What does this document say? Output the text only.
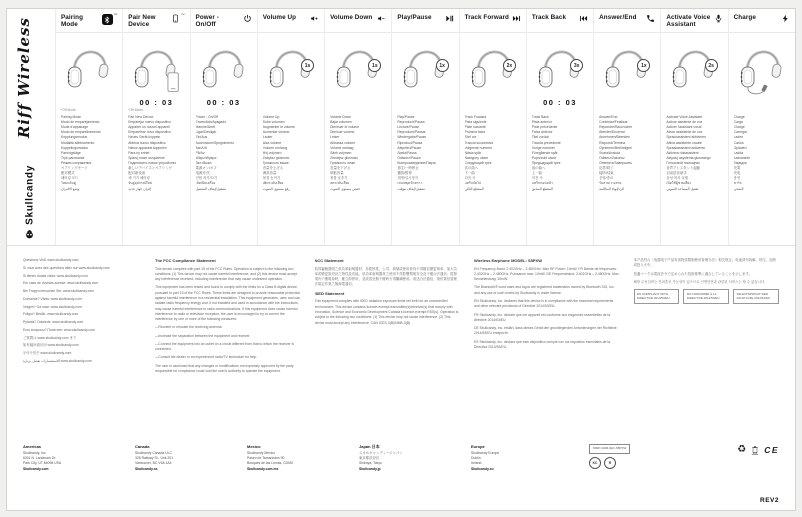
Riff Wireless
Skullcandy
Pairing Mode
™
*Off Mode
Pairing Mode
Modo de emparejamiento
Mode d'appairage
Modo de emparelhamento
Kopplungsmodus
Modalità abbinamento
Koppelingsmodus
Parningsläge
Tryb parowania
Режим сопряжения
ペアリングモード
配对模式
페어링 모드
โหมดจับคู่
وضع الاقتران
Pair New Device
™
00 : 03
*Off Mode
Pair New Device
Emparejar nuevo dispositivo
Appairer un nouvel appareil
Emparelhar novo dispositivo
Neues Gerät koppeln
Abbina nuovo dispositivo
Nieuw apparaat koppelen
Para ny enhet
Sparuj nowe urządzenie
Подключить новое устройство
新しいデバイスとペアリング
配对新设备
새 기기 페어링
จับคู่อุปกรณ์ใหม่
إقران جهاز جديد
Power - On/Off
00 : 03
Power - On/Off
Encendido/Apagado
Marche/Arrêt
Ligar/Desligar
Ein/Aus
Accensione/Spegnimento
Aan/Uit
På/Av
Włącz/Wyłącz
Вкл./Выкл.
電源オン/オフ
电源开/关
전원 켜기/끄기
เปิด/ปิดเครื่อง
تشغيل/إيقاف التشغيل
Volume Up
1s
Volume Up
Subir volumen
Augmenter le volume
Aumentar volume
Lauter
Alza volume
Volume omhoog
Höj volymen
Zwiększ głośność
Громкость выше
音量を上げる
调高音量
볼륨 높이기
เพิ่มระดับเสียง
رفع مستوى الصوت
Volume Down
1s
Volume Down
Bajar volumen
Diminuer le volume
Diminuir volume
Leiser
Abbassa volume
Volume omlaag
Sänk volymen
Zmniejsz głośność
Громкость ниже
音量を下げる
调低音量
볼륨 낮추기
ลดระดับเสียง
خفض مستوى الصوت
Play/Pause
1x
Play/Pause
Reproducir/Pausa
Lecture/Pause
Reproduzir/Pausar
Wiedergabe/Pause
Riproduci/Pausa
Afspelen/Pauze
Spela/Pausa
Odtwórz/Pauza
Воспроизведение/Пауза
再生/一時停止
播放/暂停
재생/일시정지
เล่น/หยุดชั่วคราว
تشغيل/إيقاف مؤقت
Track Forward
2x
Track Forward
Pista siguiente
Piste suivante
Próxima faixa
Titel vor
Traccia successiva
Volgende nummer
Nästa spår
Następny utwór
Следующий трек
次の曲へ
下一曲
다음 곡
แทร็กถัดไป
المقطع التالي
Track Back
3x
00 : 03
Track Back
Pista anterior
Piste précédente
Faixa anterior
Titel zurück
Traccia precedente
Vorige nummer
Föregående spår
Poprzedni utwór
Предыдущий трек
前の曲へ
上一曲
이전 곡
แทร็กก่อนหน้า
المقطع السابق
Answer/End
1x
Answer/End
Contestar/Finalizar
Répondre/Raccrocher
Atender/Encerrar
Annehmen/Beenden
Rispondi/Termina
Opnemen/Beëindigen
Svara/Avsluta
Odbierz/Zakończ
Ответить/Завершить
応答/終了
接听/结束
응답/종료
รับสาย/วางสาย
الرد/إنهاء المكالمة
Activate Voice Assistant
2s
Activate Voice Assistant
Activar asistente de voz
Activer l'assistant vocal
Ativar assistente de voz
Sprachassistent aktivieren
Attiva assistente vocale
Spraakassistent activeren
Aktivera röstassistent
Aktywuj asystenta głosowego
Голосовой помощник
音声アシスタント起動
启动语音助手
음성 비서 실행
เปิดใช้ผู้ช่วยเสียง
تفعيل المساعد الصوتي
Charge
Charge
Carga
Charge
Carregar
Laden
Carica
Opladen
Ladda
Ładowanie
Зарядка
充電
充电
충전
ชาร์จ
الشحن

Questions Visit: www.skullcandy.com

Si vous avez des questions allez sur www.skullcandy.com

Si tienes dudas visita: www.skullcandy.com

Em caso de dúvidas acesse: www.skullcandy.com

Bei Fragen besuchen Sie: www.skullcandy.com

Domande? Visita: www.skullcandy.com

Vragen? Ga naar: www.skullcandy.com

Frågor? Besök: www.skullcandy.com

Pytania? Odwiedź: www.skullcandy.com

Есть вопросы? Посетите: www.skullcandy.com

ご質問は www.skullcandy.com まで

如有疑问请访问 www.skullcandy.com

문의사항은 www.skullcandy.com

للاستفسارات تفضل بزيارة www.skullcandy.com

The FCC Compliance Statement

This device complies with part 15 of the FCC Rules. Operation is subject to the following two conditions: (1) This device may not cause harmful interference, and (2) this device must accept any interference received, including interference that may cause undesired operation.

This equipment has been tested and found to comply with the limits for a Class B digital device, pursuant to part 15 of the FCC Rules. These limits are designed to provide reasonable protection against harmful interference in a residential installation. This equipment generates, uses and can radiate radio frequency energy and, if not installed and used in accordance with the instructions, may cause harmful interference to radio communications. If this equipment does cause harmful interference to radio or television reception, the user is encouraged to try to correct the interference by one or more of the following measures:

—Reorient or relocate the receiving antenna.

—Increase the separation between the equipment and receiver.

—Connect the equipment into an outlet on a circuit different from that to which the receiver is connected.

—Consult the dealer or an experienced radio/TV technician for help.

The user is cautioned that any changes or modifications not expressly approved by the party responsible for compliance could void the user's authority to operate the equipment.

NCC Statement

取得審驗證明之低功率射頻器材，非經核准，公司、商號或使用者均不得擅自變更頻率、加大功率或變更原設計之特性及功能。低功率射頻器材之使用不得影響飛航安全及干擾合法通信；經發現有干擾現象時，應立即停用，並改善至無干擾時方得繼續使用。前述合法通信，指依電信管理法規定作業之無線電通信。

ISED Statement

This equipment complies with ISED radiation exposure limits set forth for an uncontrolled environment. This device contains licence-exempt transmitter(s)/receiver(s) that comply with Innovation, Science and Economic Development Canada's licence-exempt RSS(s). Operation is subject to the following two conditions: (1) This device may not cause interference. (2) This device must accept any interference. CAN ICES-3(B)/NMB-3(B)

Wireless Earphone MODEL: S5PXW

EN Frequency Band: 2.402GHz – 2.480GHz. Max RF Power: 10mW. FR Bande de fréquences: 2.402GHz – 2.480GHz. Puissance max: 10mW. DE Frequenzband: 2.402GHz – 2.480GHz. Max. Sendeleistung: 10mW.

The Bluetooth® word mark and logos are registered trademarks owned by Bluetooth SIG, Inc. and any use of such marks by Skullcandy is under license.

EN Skullcandy, Inc. declares that this device is in compliance with the essential requirements and other relevant provisions of Directive 2014/53/EU.

FR Skullcandy, Inc. déclare que cet appareil est conforme aux exigences essentielles de la directive 2014/53/EU.

DE Skullcandy, Inc. erklärt, dass dieses Gerät den grundlegenden Anforderungen der Richtlinie 2014/53/EU entspricht.

ES Skullcandy, Inc. declara que este dispositivo cumple con los requisitos esenciales de la Directiva 2014/53/EU.

本产品符合《电器电子产品有害物质限制使用管理办法》相关规定。电池请勿拆解、挤压、加热或投入火中。

技適マークは電波法令で定められた技術基準に適合していることを示します。

해당 무선설비는 전파혼신 가능성이 있으므로 인명안전과 관련된 서비스는 할 수 없습니다.

EN COMPLIANT WITH DIRECTIVE 2014/53/EU
FR CONFORME À LA DIRECTIVE 2014/53/EU
DE ENTSPRICHT DER RICHTLINIE 2014/53/EU
Americas
Skullcandy, Inc.
6301 N. Landmark Dr.
Park City, UT 84098 USA
Skullcandy.com
Canada
Skullcandy Canada ULC
328 Railway St., Unit 201
Vancouver, BC V6A 1A4
Skullcandy.ca
Mexico
Skullcandy México
Paseo de Tamarindos 90
Bosques de las Lomas, CDMX
Skullcandy.com.mx
Japan 日本
スカルキャンディージャパン
東京都渋谷区
Shibuya, Tokyo
Skullcandy.jp
Europe
Skullcandy Europe
Dublin
Ireland
Skullcandy.eu
MSIP-CRM-SkC-S5PXW
KC	R
♻ CE
REV2
